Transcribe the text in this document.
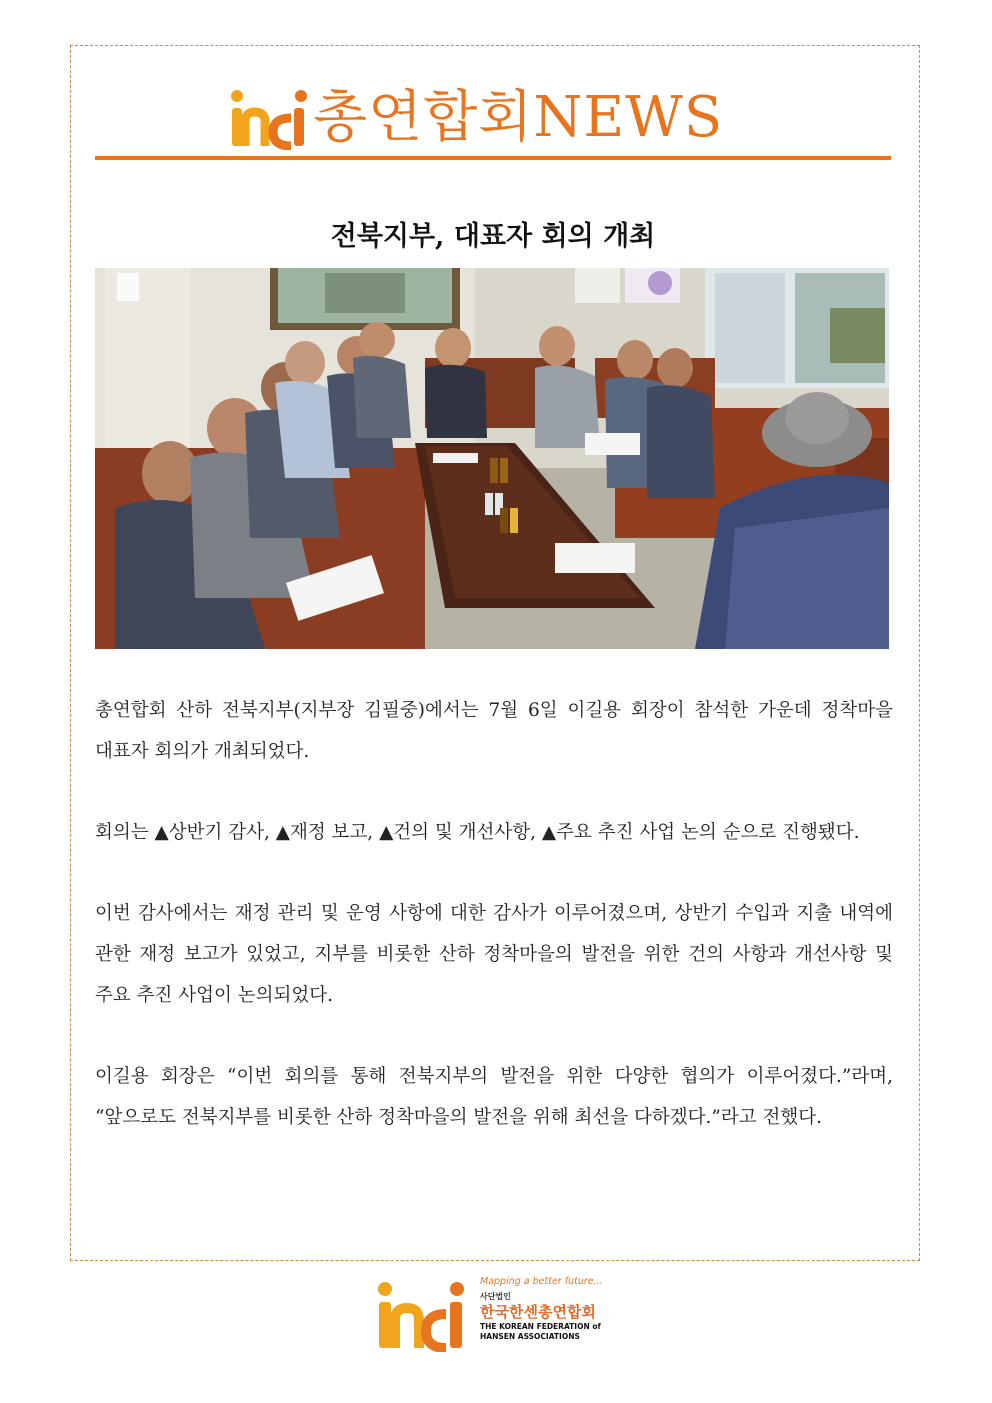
총연합회NEWS
전북지부, 대표자 회의 개최

총연합회 산하 전북지부(지부장 김필중)에서는 7월 6일 이길용 회장이 참석한 가운데 정착마을 대표자 회의가 개최되었다.

회의는 ▲상반기 감사, ▲재정 보고, ▲건의 및 개선사항, ▲주요 추진 사업 논의 순으로 진행됐다.

이번 감사에서는 재정 관리 및 운영 사항에 대한 감사가 이루어졌으며, 상반기 수입과 지출 내역에 관한 재정 보고가 있었고, 지부를 비롯한 산하 정착마을의 발전을 위한 건의 사항과 개선사항 및 주요 추진 사업이 논의되었다.

이길용 회장은 “이번 회의를 통해 전북지부의 발전을 위한 다양한 협의가 이루어졌다.”라며, “앞으로도 전북지부를 비롯한 산하 정착마을의 발전을 위해 최선을 다하겠다.”라고 전했다.

Mapping a better future...
사단법인
한국한센총연합회
THE KOREAN FEDERATION of
HANSEN ASSOCIATIONS
